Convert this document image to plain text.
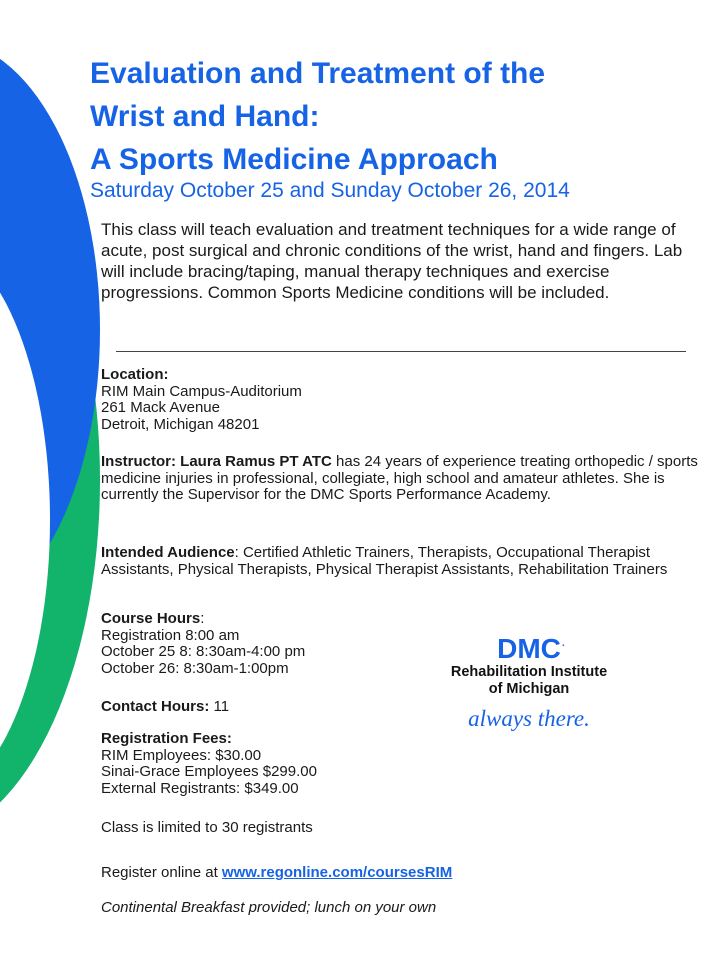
Evaluation and Treatment of the
Wrist and Hand:
A Sports Medicine Approach
Saturday October 25 and Sunday October 26, 2014

This class will teach evaluation and treatment techniques for a wide range of acute, post surgical and chronic conditions of the wrist, hand and fingers. Lab will include bracing/taping, manual therapy techniques and exercise progressions. Common Sports Medicine conditions will be included.

Location:
RIM Main Campus-Auditorium
261 Mack Avenue
Detroit, Michigan 48201

Instructor: Laura Ramus PT ATC has 24 years of experience treating orthopedic / sports medicine injuries in professional, collegiate, high school and amateur athletes. She is currently the Supervisor for the DMC Sports Performance Academy.

Intended Audience: Certified Athletic Trainers, Therapists, Occupational Therapist Assistants, Physical Therapists, Physical Therapist Assistants, Rehabilitation Trainers

Course Hours:
Registration 8:00 am
October 25 8: 8:30am-4:00 pm
October 26: 8:30am-1:00pm
Contact Hours: 11
Registration Fees:
RIM Employees: $30.00
Sinai-Grace Employees $299.00
External Registrants: $349.00
Class is limited to 30 registrants
Register online at www.regonline.com/coursesRIM
Continental Breakfast provided; lunch on your own
DMC .
Rehabilitation Institute
of Michigan
always there.
